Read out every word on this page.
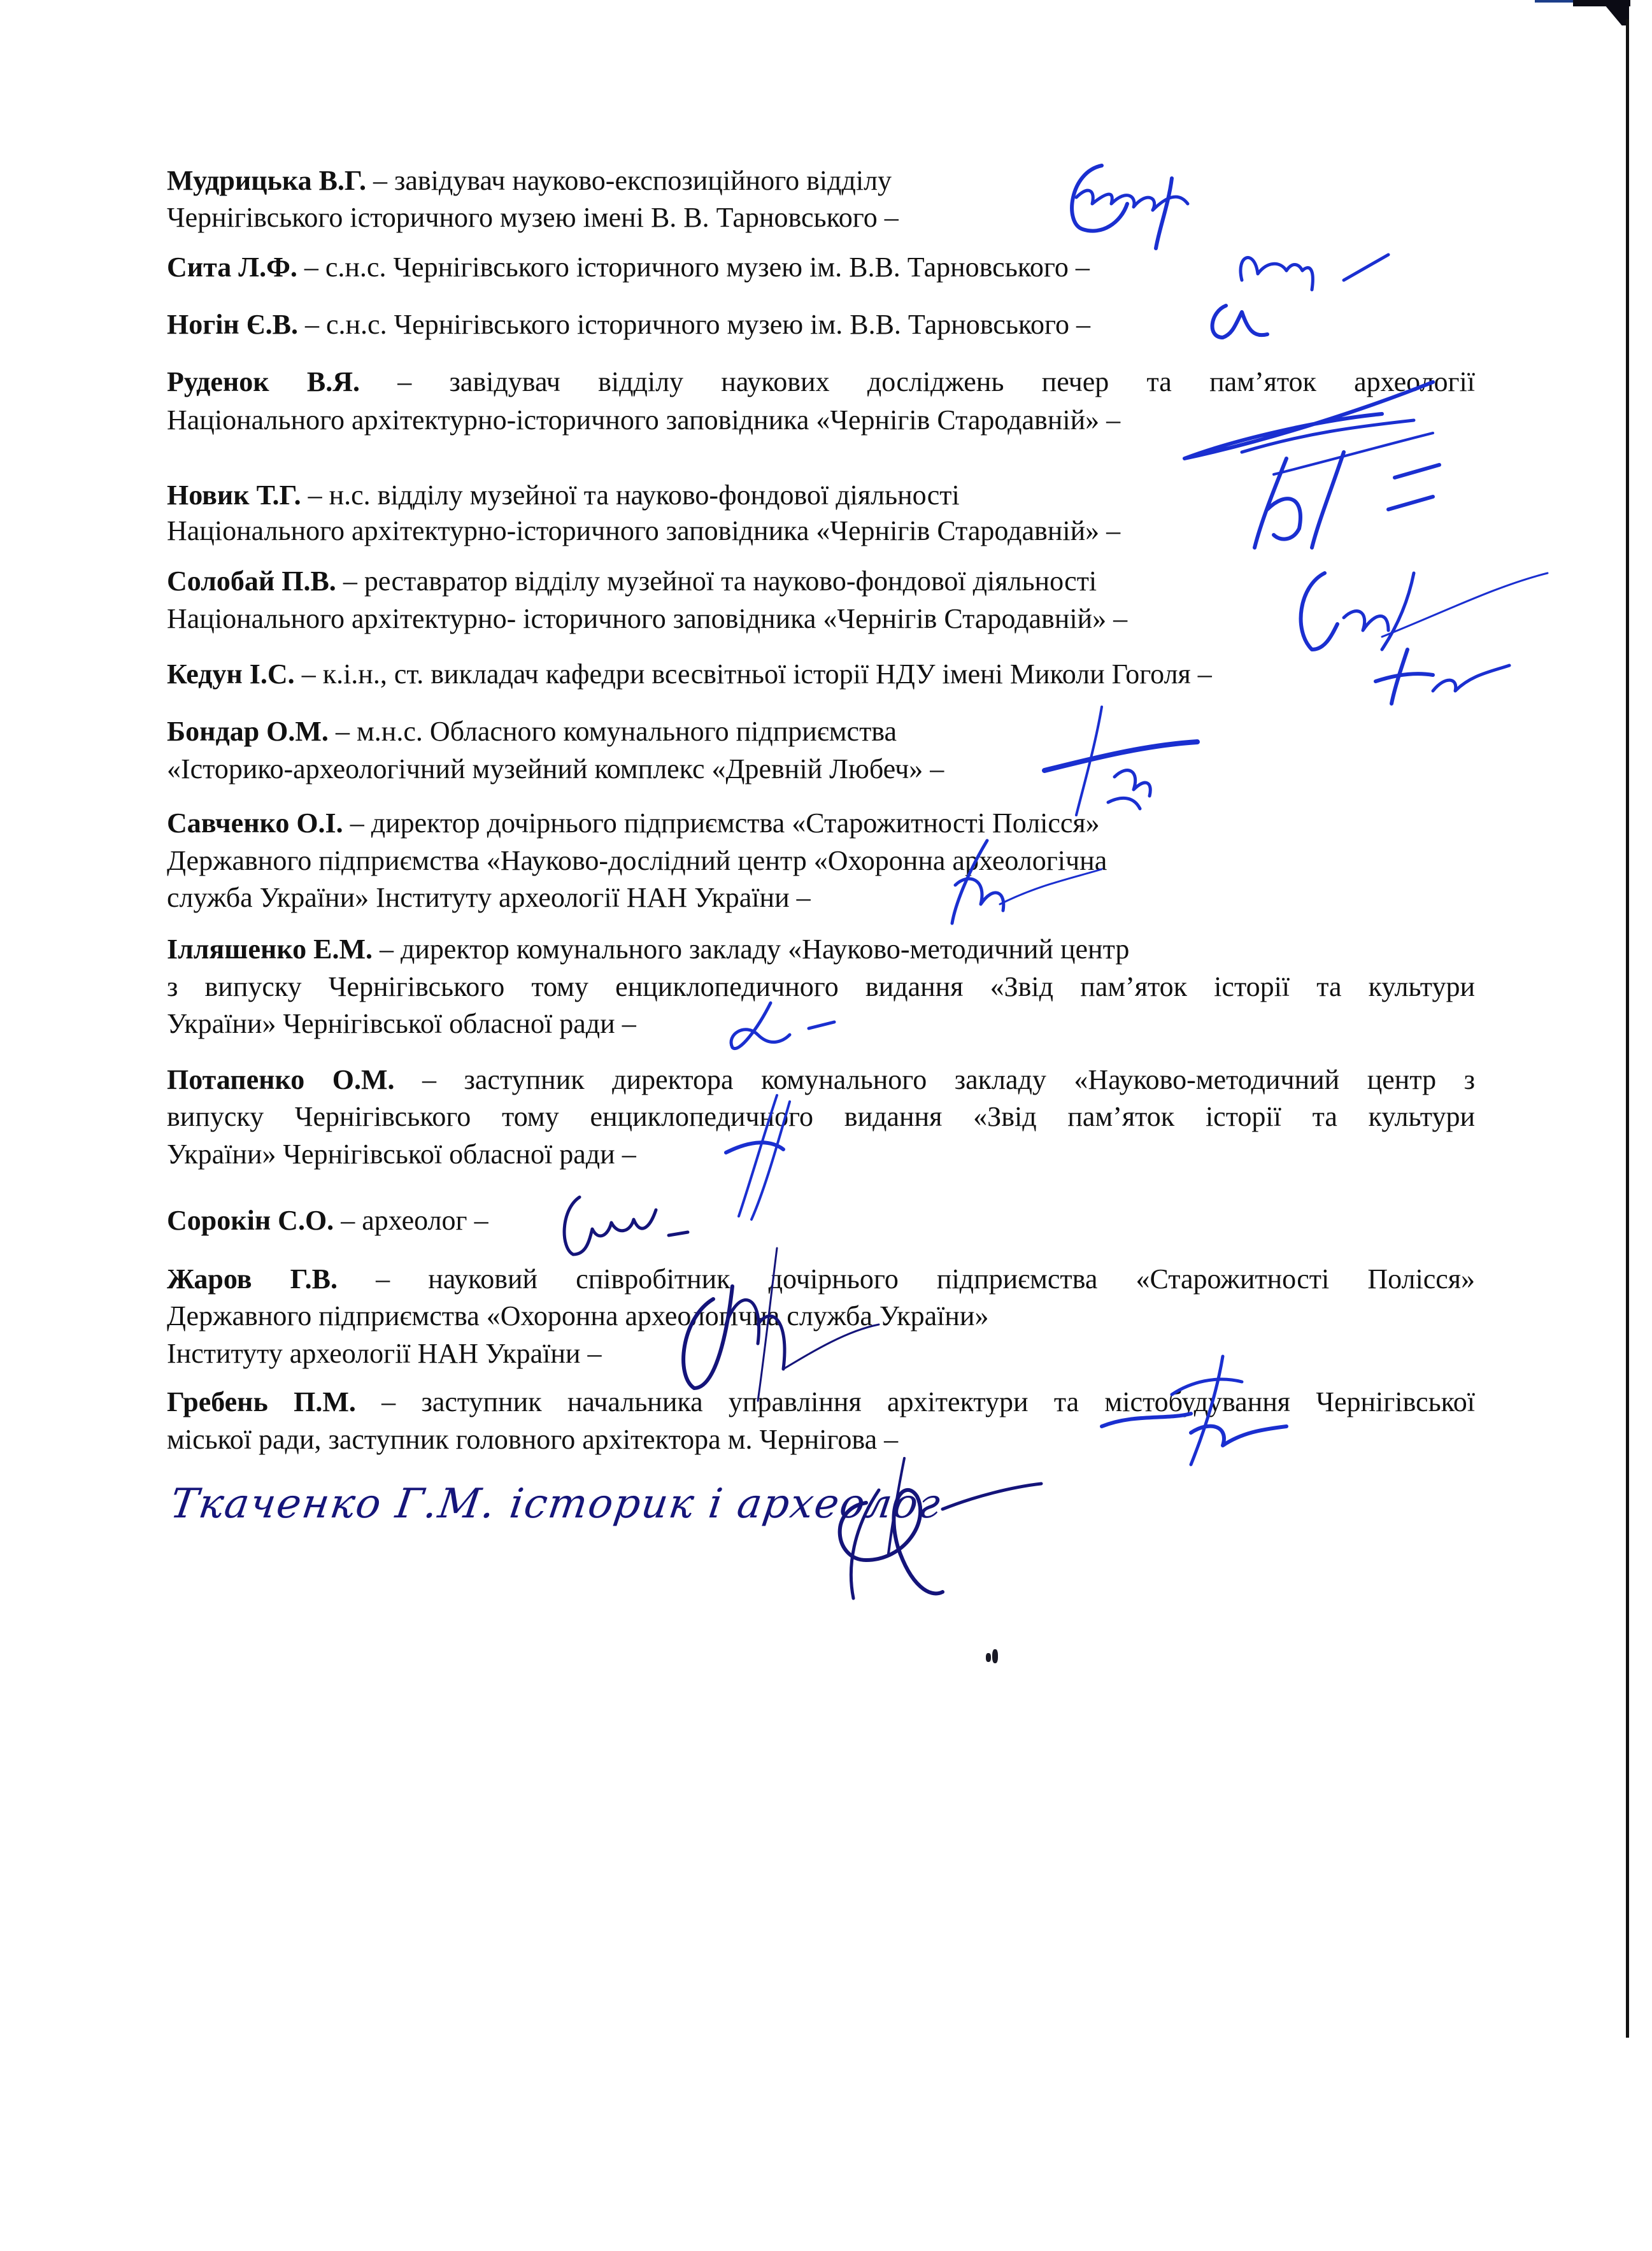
Мудрицька В.Г. – завідувач науково-експозиційного відділу
Чернігівського історичного музею імені В. В. Тарновського –
Сита Л.Ф. – с.н.с. Чернігівського історичного музею ім. В.В. Тарновського –
Ногін Є.В. – с.н.с. Чернігівського історичного музею ім. В.В. Тарновського –
Руденок В.Я. – завідувач відділу наукових досліджень печер та пам’яток археології
Національного архітектурно-історичного заповідника «Чернігів Стародавній» –
Новик Т.Г. – н.с. відділу музейної та науково-фондової діяльності
Національного архітектурно-історичного заповідника «Чернігів Стародавній» –
Солобай П.В. – реставратор відділу музейної та науково-фондової діяльності
Національного архітектурно- історичного заповідника «Чернігів Стародавній» –
Кедун І.С. – к.і.н., ст. викладач кафедри всесвітньої історії НДУ імені Миколи Гоголя –
Бондар О.М. – м.н.с. Обласного комунального підприємства
«Історико-археологічний музейний комплекс «Древній Любеч» –
Савченко О.І. – директор дочірнього підприємства «Старожитності Полісся»
Державного підприємства «Науково-дослідний центр «Охоронна археологічна
служба України» Інституту археології НАН України –
Ілляшенко Е.М. – директор комунального закладу «Науково-методичний центр
з випуску Чернігівського тому енциклопедичного видання «Звід пам’яток історії та культури
України» Чернігівської обласної ради –
Потапенко О.М. – заступник директора комунального закладу «Науково-методичний центр з
випуску Чернігівського тому енциклопедичного видання «Звід пам’яток історії та культури
України» Чернігівської обласної ради –
Сорокін С.О. – археолог –
Жаров Г.В. – науковий співробітник дочірнього підприємства «Старожитності Полісся»
Державного підприємства «Охоронна археологічна служба України»
Інституту археології НАН України –
Гребень П.М. – заступник начальника управління архітектури та містобудування Чернігівської
міської ради, заступник головного архітектора м. Чернігова –
Ткаченко Г.М. історик і археолог
